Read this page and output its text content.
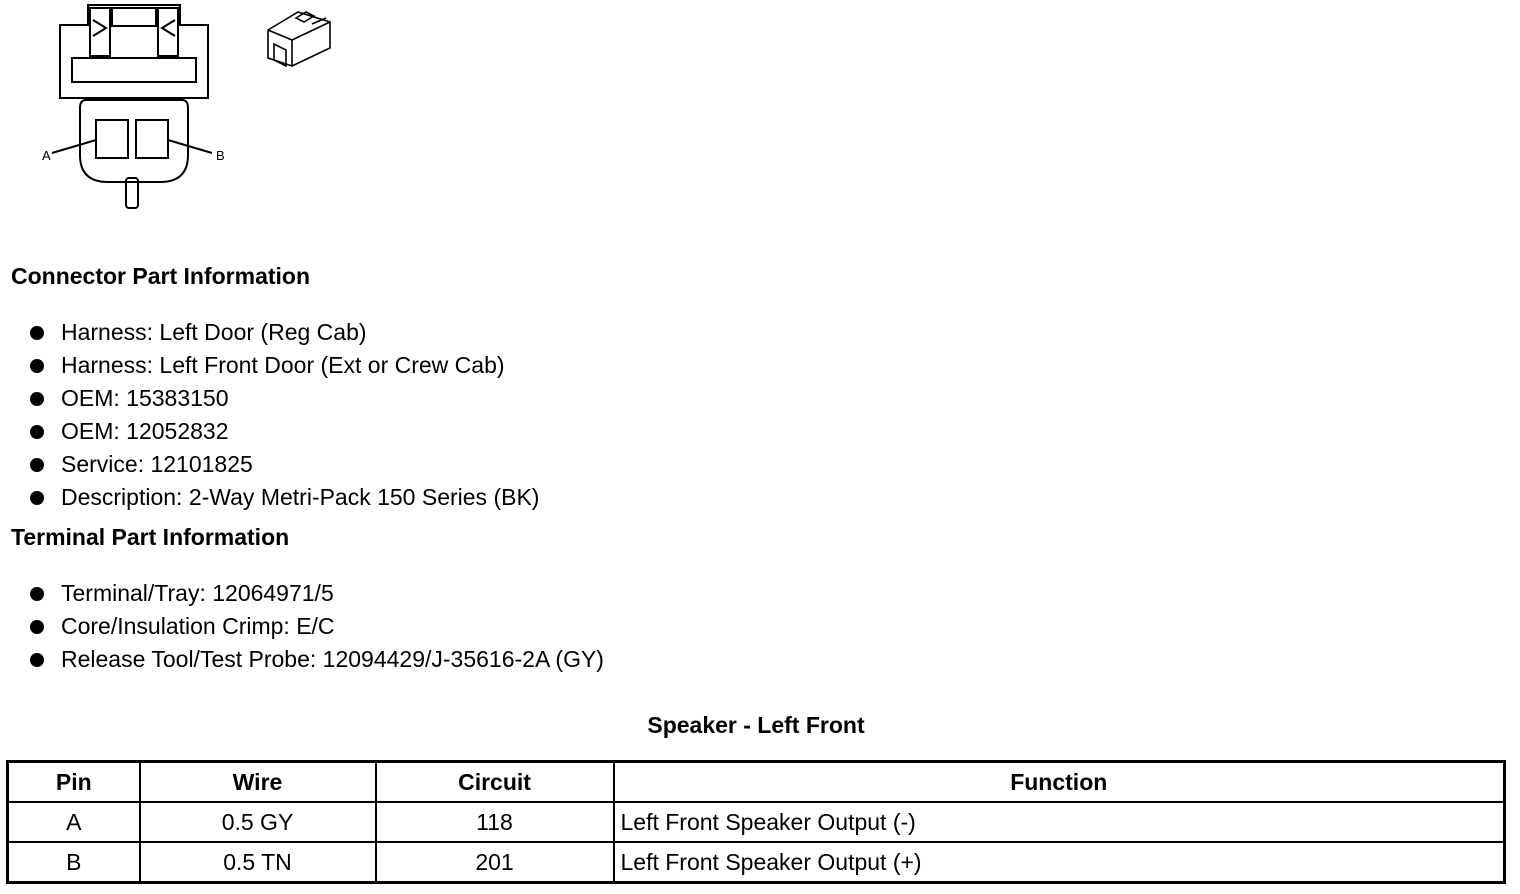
A	B
Connector Part Information
Harness: Left Door (Reg Cab)
Harness: Left Front Door (Ext or Crew Cab)
OEM: 15383150
OEM: 12052832
Service: 12101825
Description: 2-Way Metri-Pack 150 Series (BK)
Terminal Part Information
Terminal/Tray: 12064971/5
Core/Insulation Crimp: E/C
Release Tool/Test Probe: 12094429/J-35616-2A (GY)
Speaker - Left Front
Pin	Wire	Circuit	Function
A	0.5 GY	118	Left Front Speaker Output (-)
B	0.5 TN	201	Left Front Speaker Output (+)
